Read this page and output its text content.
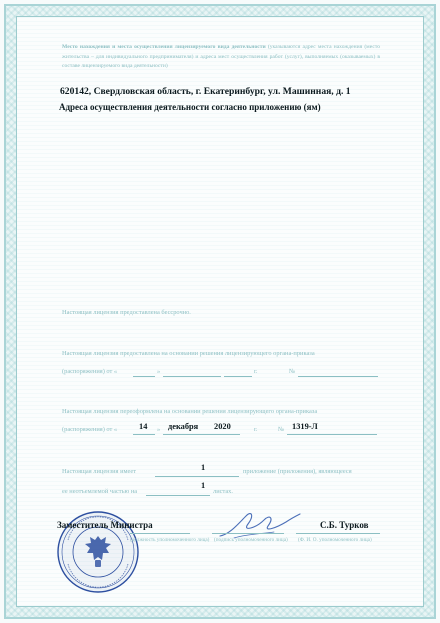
Место нахождения и места осуществления лицензируемого вида деятельности (указываются адрес места нахождения (место жительства – для индивидуального предпринимателя) и адреса мест осуществления работ (услуг), выполняемых (оказываемых) в составе лицензируемого вида деятельности)
620142, Свердловская область, г. Екатеринбург, ул. Машинная, д. 1
Адреса осуществления деятельности согласно приложению (ям)
Настоящая лицензия предоставлена бессрочно.
Настоящая лицензия предоставлена на основании решения лицензирующего органа-приказа
(распоряжения) от «	»	г.	№
Настоящая лицензия переоформлена на основании решения лицензирующего органа-приказа
(распоряжения) от «	14 » декабря 2020	г.	№ 1319-Л
Настоящая лицензия имеет	1	приложение (приложения), являющееся
ее неотъемлемой частью на
1
листах.
Заместитель Министра	С.Б. Турков
(должность уполномоченного лица) (подпись уполномоченного лица) (Ф. И. О. уполномоченного лица)
